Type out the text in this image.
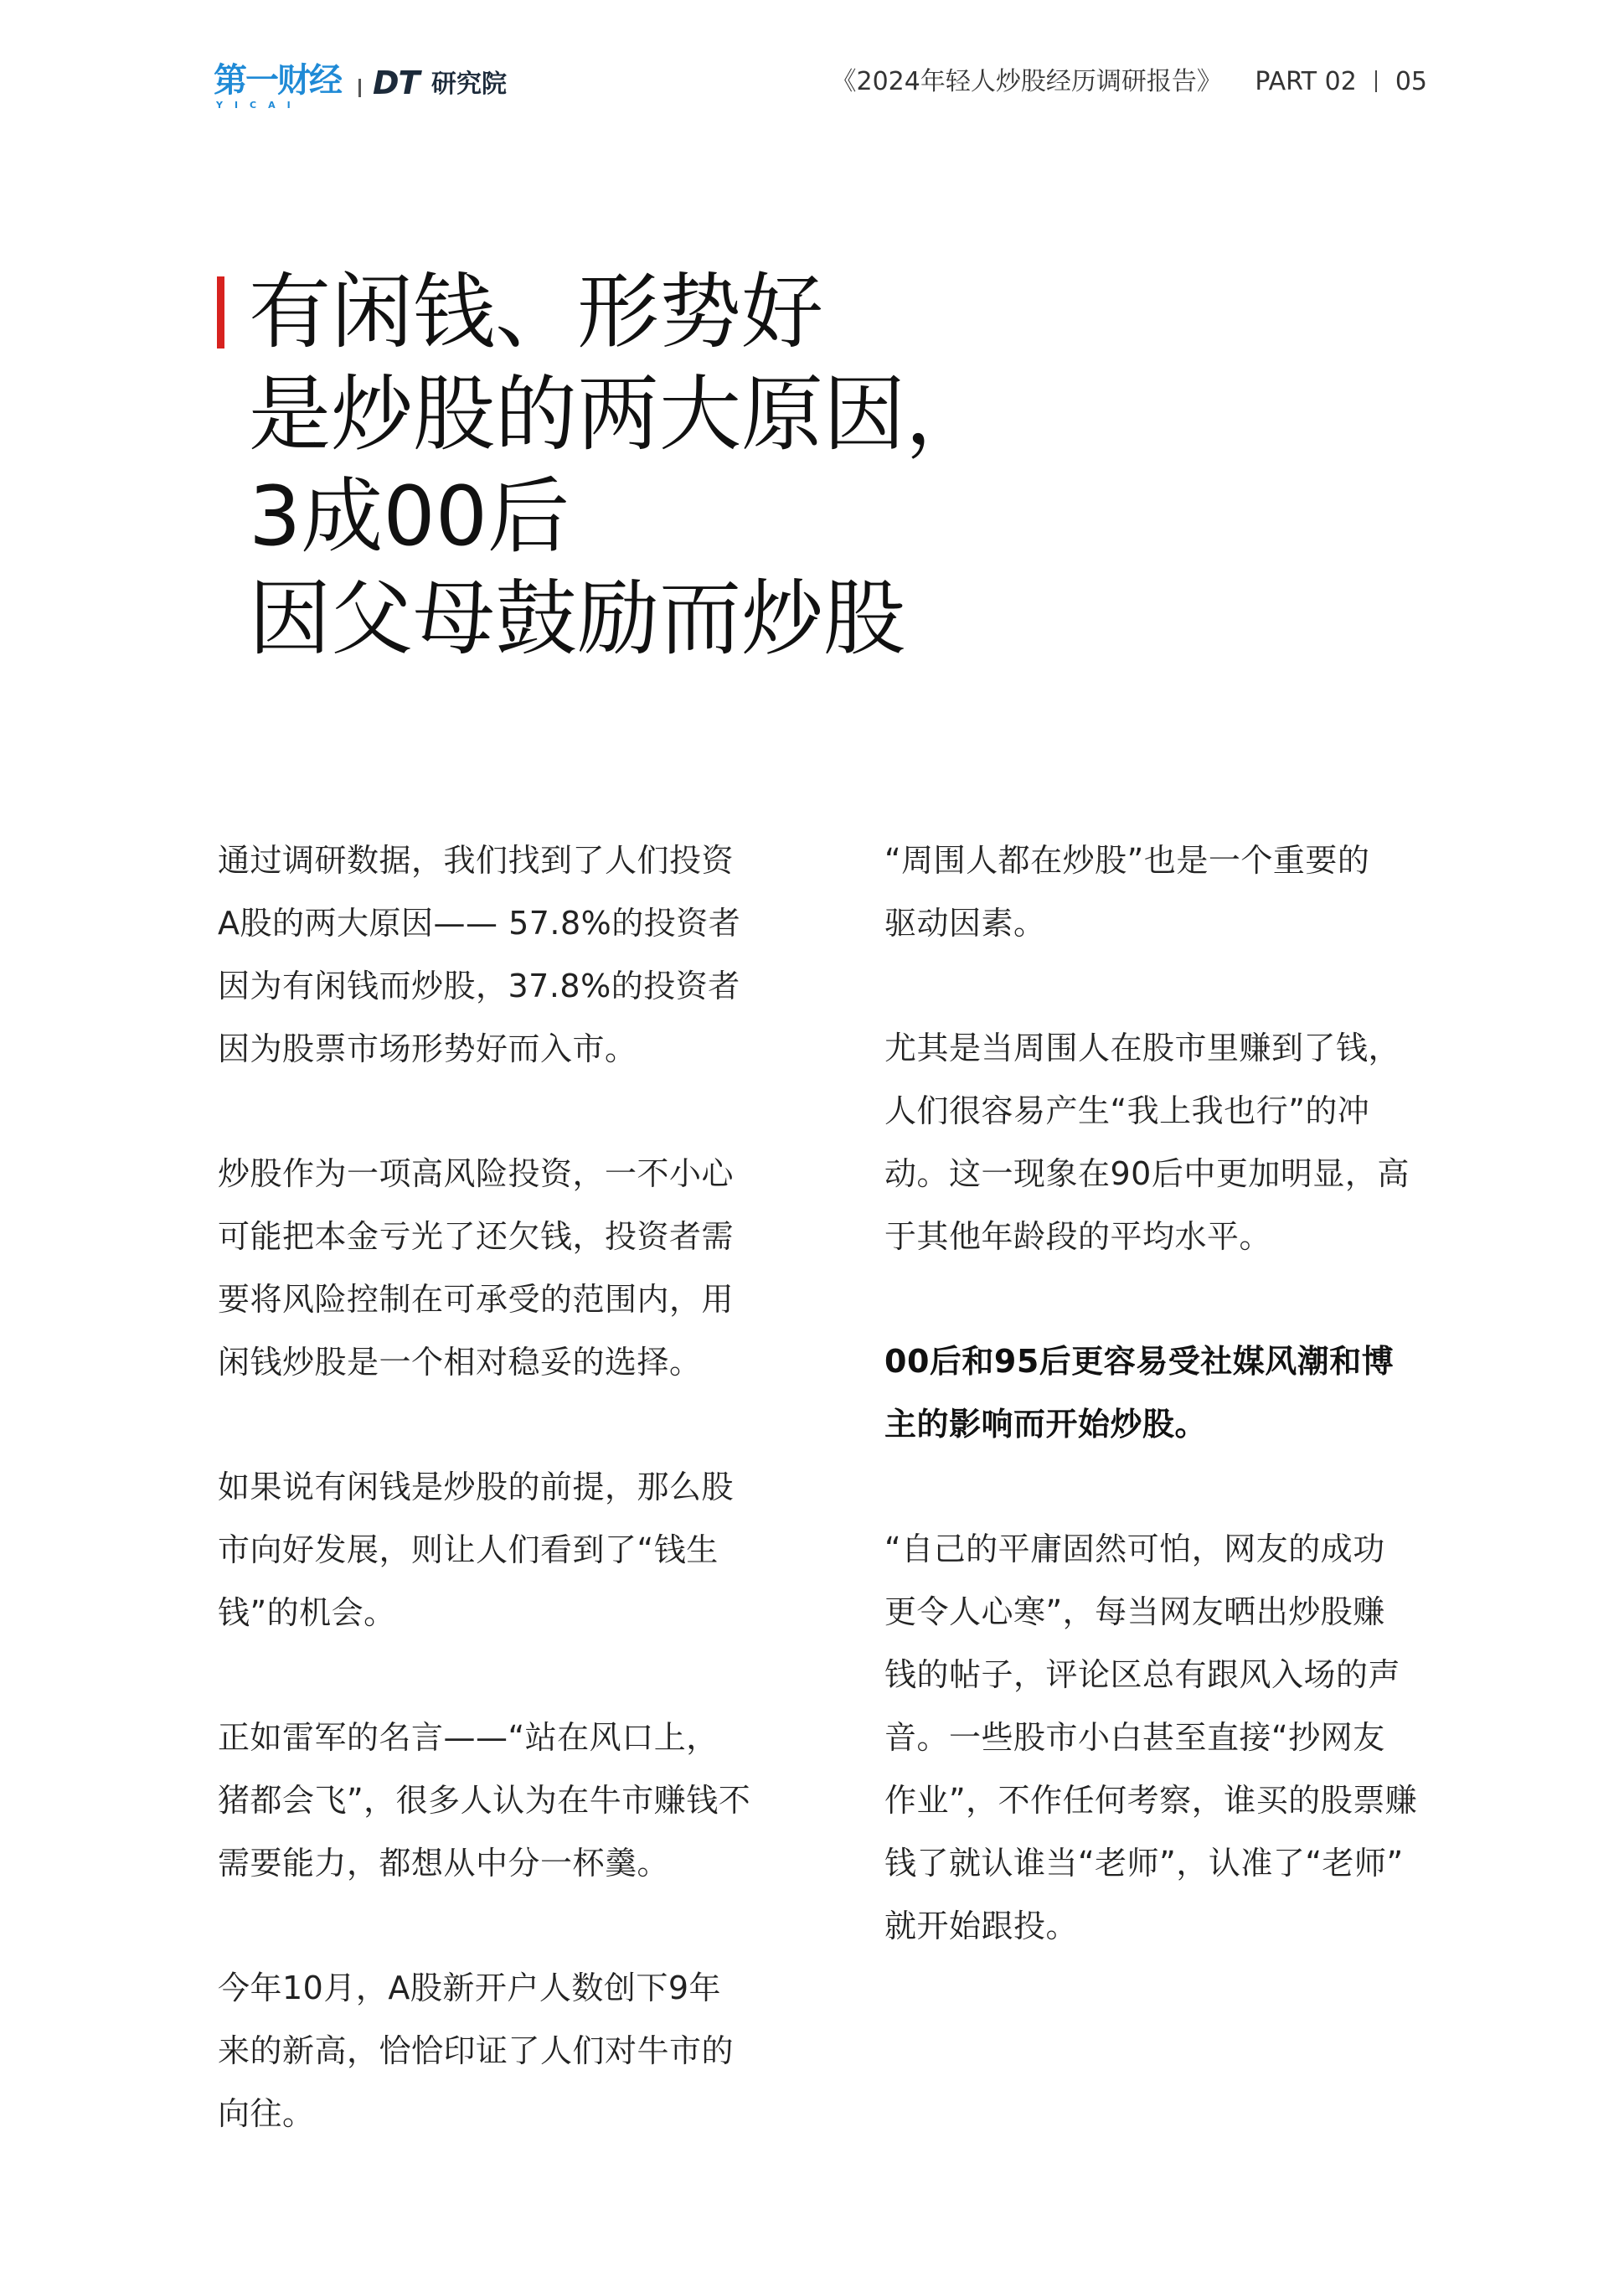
第一财经
YICAI
DT 研究院	《2024年轻人炒股经历调研报告》 PART 02 05
有闲钱、形势好
是炒股的两大原因，
3成00后
因父母鼓励而炒股

通过调研数据，我们找到了人们投资
A股的两大原因—— 57.8%的投资者
因为有闲钱而炒股，37.8%的投资者
因为股票市场形势好而入市。

炒股作为一项高风险投资，一不小心
可能把本金亏光了还欠钱，投资者需
要将风险控制在可承受的范围内，用
闲钱炒股是一个相对稳妥的选择。

如果说有闲钱是炒股的前提，那么股
市向好发展，则让人们看到了“钱生
钱”的机会。

正如雷军的名言——“站在风口上，
猪都会飞”，很多人认为在牛市赚钱不
需要能力，都想从中分一杯羹。

今年10月，A股新开户人数创下9年
来的新高，恰恰印证了人们对牛市的
向往。

“周围人都在炒股”也是一个重要的
驱动因素。

尤其是当周围人在股市里赚到了钱，
人们很容易产生“我上我也行”的冲
动。这一现象在90后中更加明显，高
于其他年龄段的平均水平。

00后和95后更容易受社媒风潮和博
主的影响而开始炒股。

“自己的平庸固然可怕，网友的成功
更令人心寒”，每当网友晒出炒股赚
钱的帖子，评论区总有跟风入场的声
音。一些股市小白甚至直接“抄网友
作业”，不作任何考察，谁买的股票赚
钱了就认谁当“老师”，认准了“老师”
就开始跟投。
